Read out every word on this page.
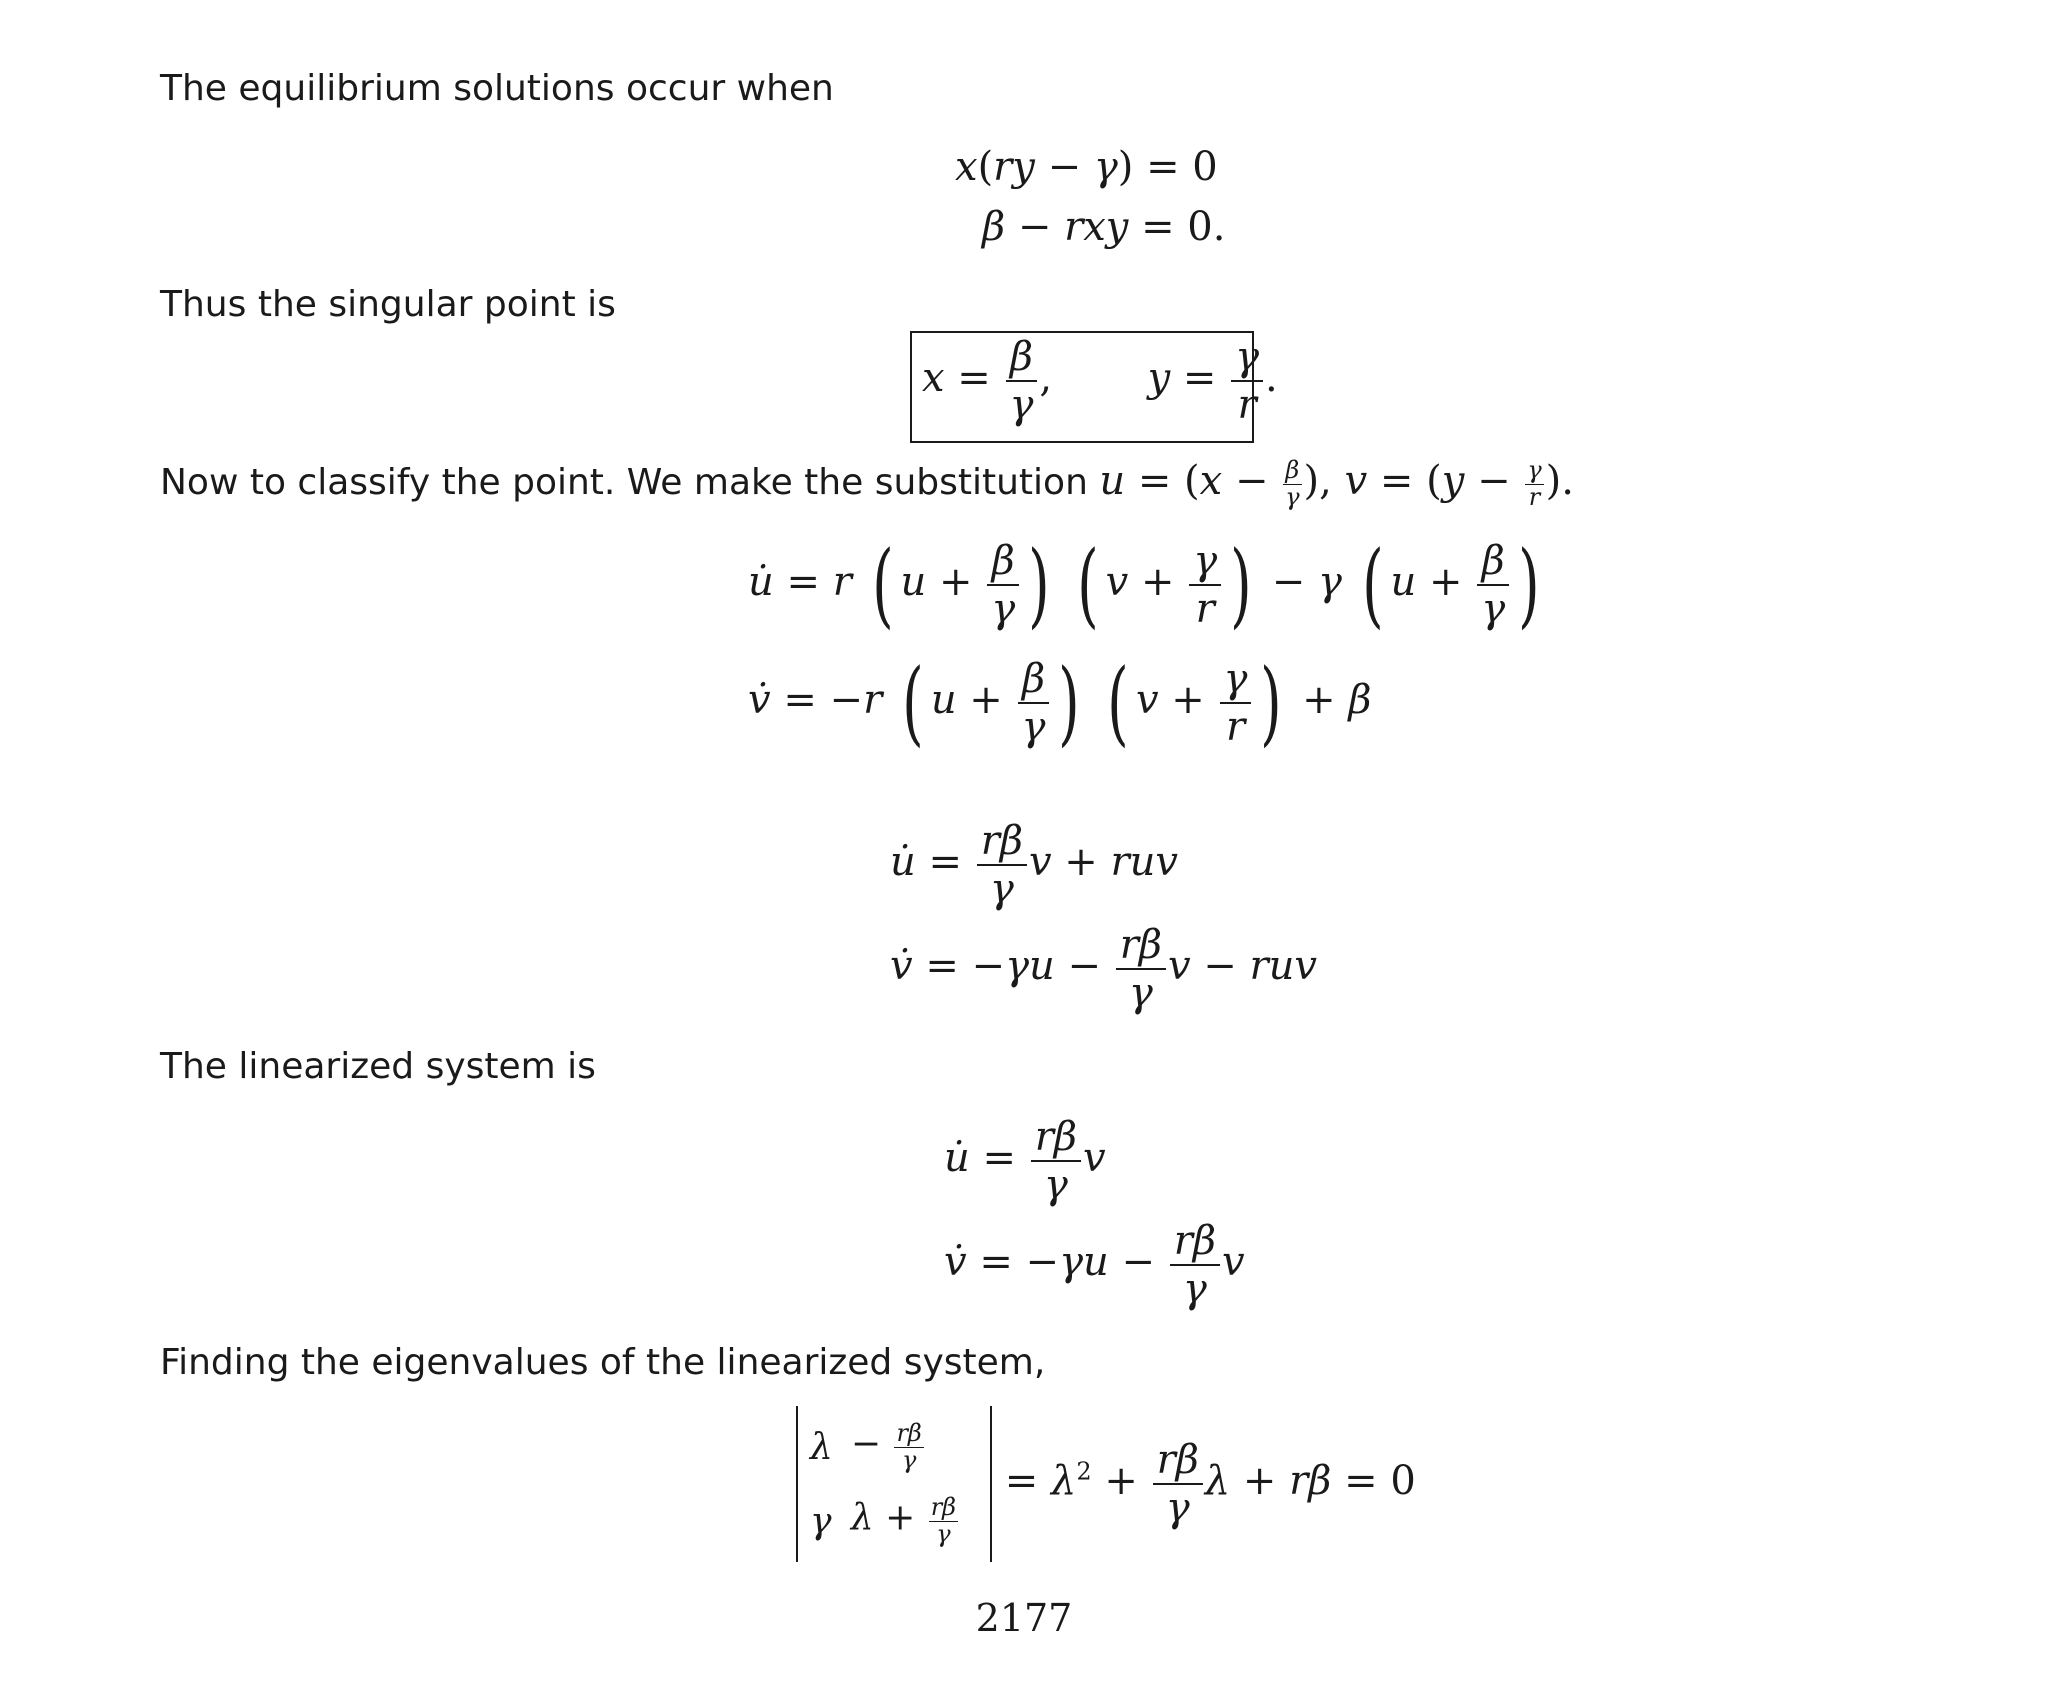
The equilibrium solutions occur when
x(ry − γ) = 0
β − rxy = 0.
Thus the singular point is
$x = \frac{\beta}{\gamma}$ ,  $y = \frac{\gamma}{r}$ .
Now to classify the point. We make the substitution $u = (x - \frac{\beta}{\gamma}$ ), $v = (y - \frac{\gamma}{r}$ ).
u̇ = r ( $u + \frac{\beta}{\gamma}$ ) ( $v + \frac{\gamma}{r}$ ) − γ ( $u + \frac{\beta}{\gamma}$ )
v̇ = −r ( $u + \frac{\beta}{\gamma}$ ) ( $v + \frac{\gamma}{r}$ ) + β
u̇ = $\frac{r\beta}{\gamma}$ v + ruv
v̇ = $-\gamma u - \frac{r\beta}{\gamma}$ v − ruv
The linearized system is
u̇ = $\frac{r\beta}{\gamma}$ v
v̇ = $-\gamma u - \frac{r\beta}{\gamma}$ v
Finding the eigenvalues of the linearized system,
λ	− $\frac{r\beta}{\gamma}$

γ	$\lambda + \frac{r\beta}{\gamma}$
= $\lambda^2 + \frac{r\beta}{\gamma}$ λ + rβ = 0
2177
